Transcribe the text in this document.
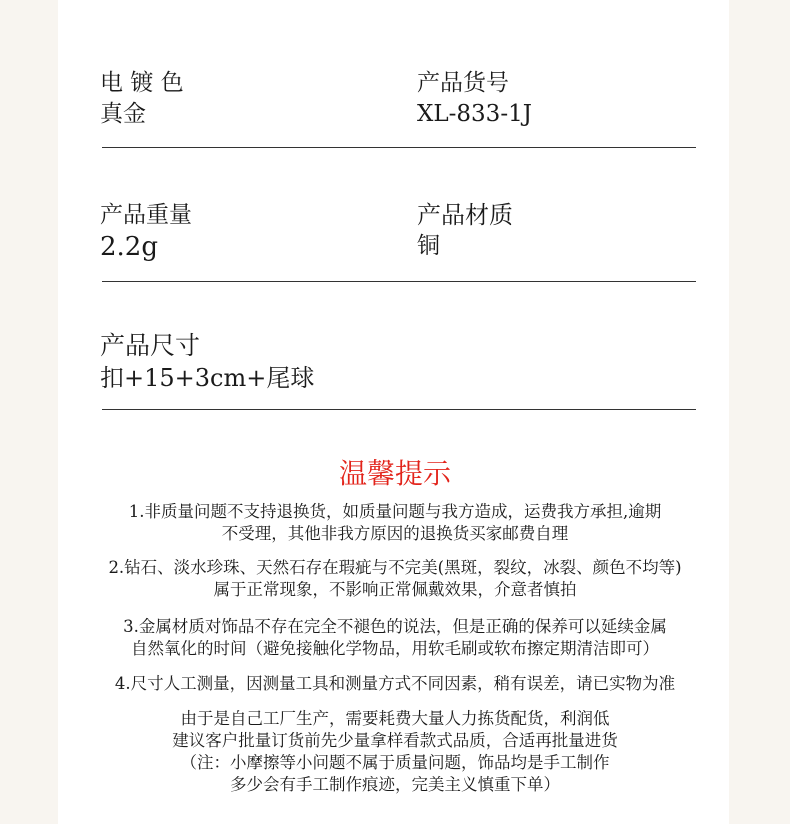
电 镀 色
真金
产品货号
XL-833-1J
产品重量
2.2g
产品材质
铜
产品尺寸
扣+15+3cm+尾球
温馨提示
1.非质量问题不支持退换货，如质量问题与我方造成，运费我方承担,逾期
不受理，其他非我方原因的退换货买家邮费自理
2.钻石、淡水珍珠、天然石存在瑕疵与不完美(黑斑，裂纹，冰裂、颜色不均等)
属于正常现象，不影响正常佩戴效果，介意者慎拍
3.金属材质对饰品不存在完全不褪色的说法，但是正确的保养可以延续金属
自然氧化的时间（避免接触化学物品，用软毛刷或软布擦定期清洁即可）
4.尺寸人工测量，因测量工具和测量方式不同因素，稍有误差，请已实物为准
由于是自己工厂生产，需要耗费大量人力拣货配货，利润低
建议客户批量订货前先少量拿样看款式品质，合适再批量进货
（注：小摩擦等小问题不属于质量问题，饰品均是手工制作
多少会有手工制作痕迹，完美主义慎重下单）
